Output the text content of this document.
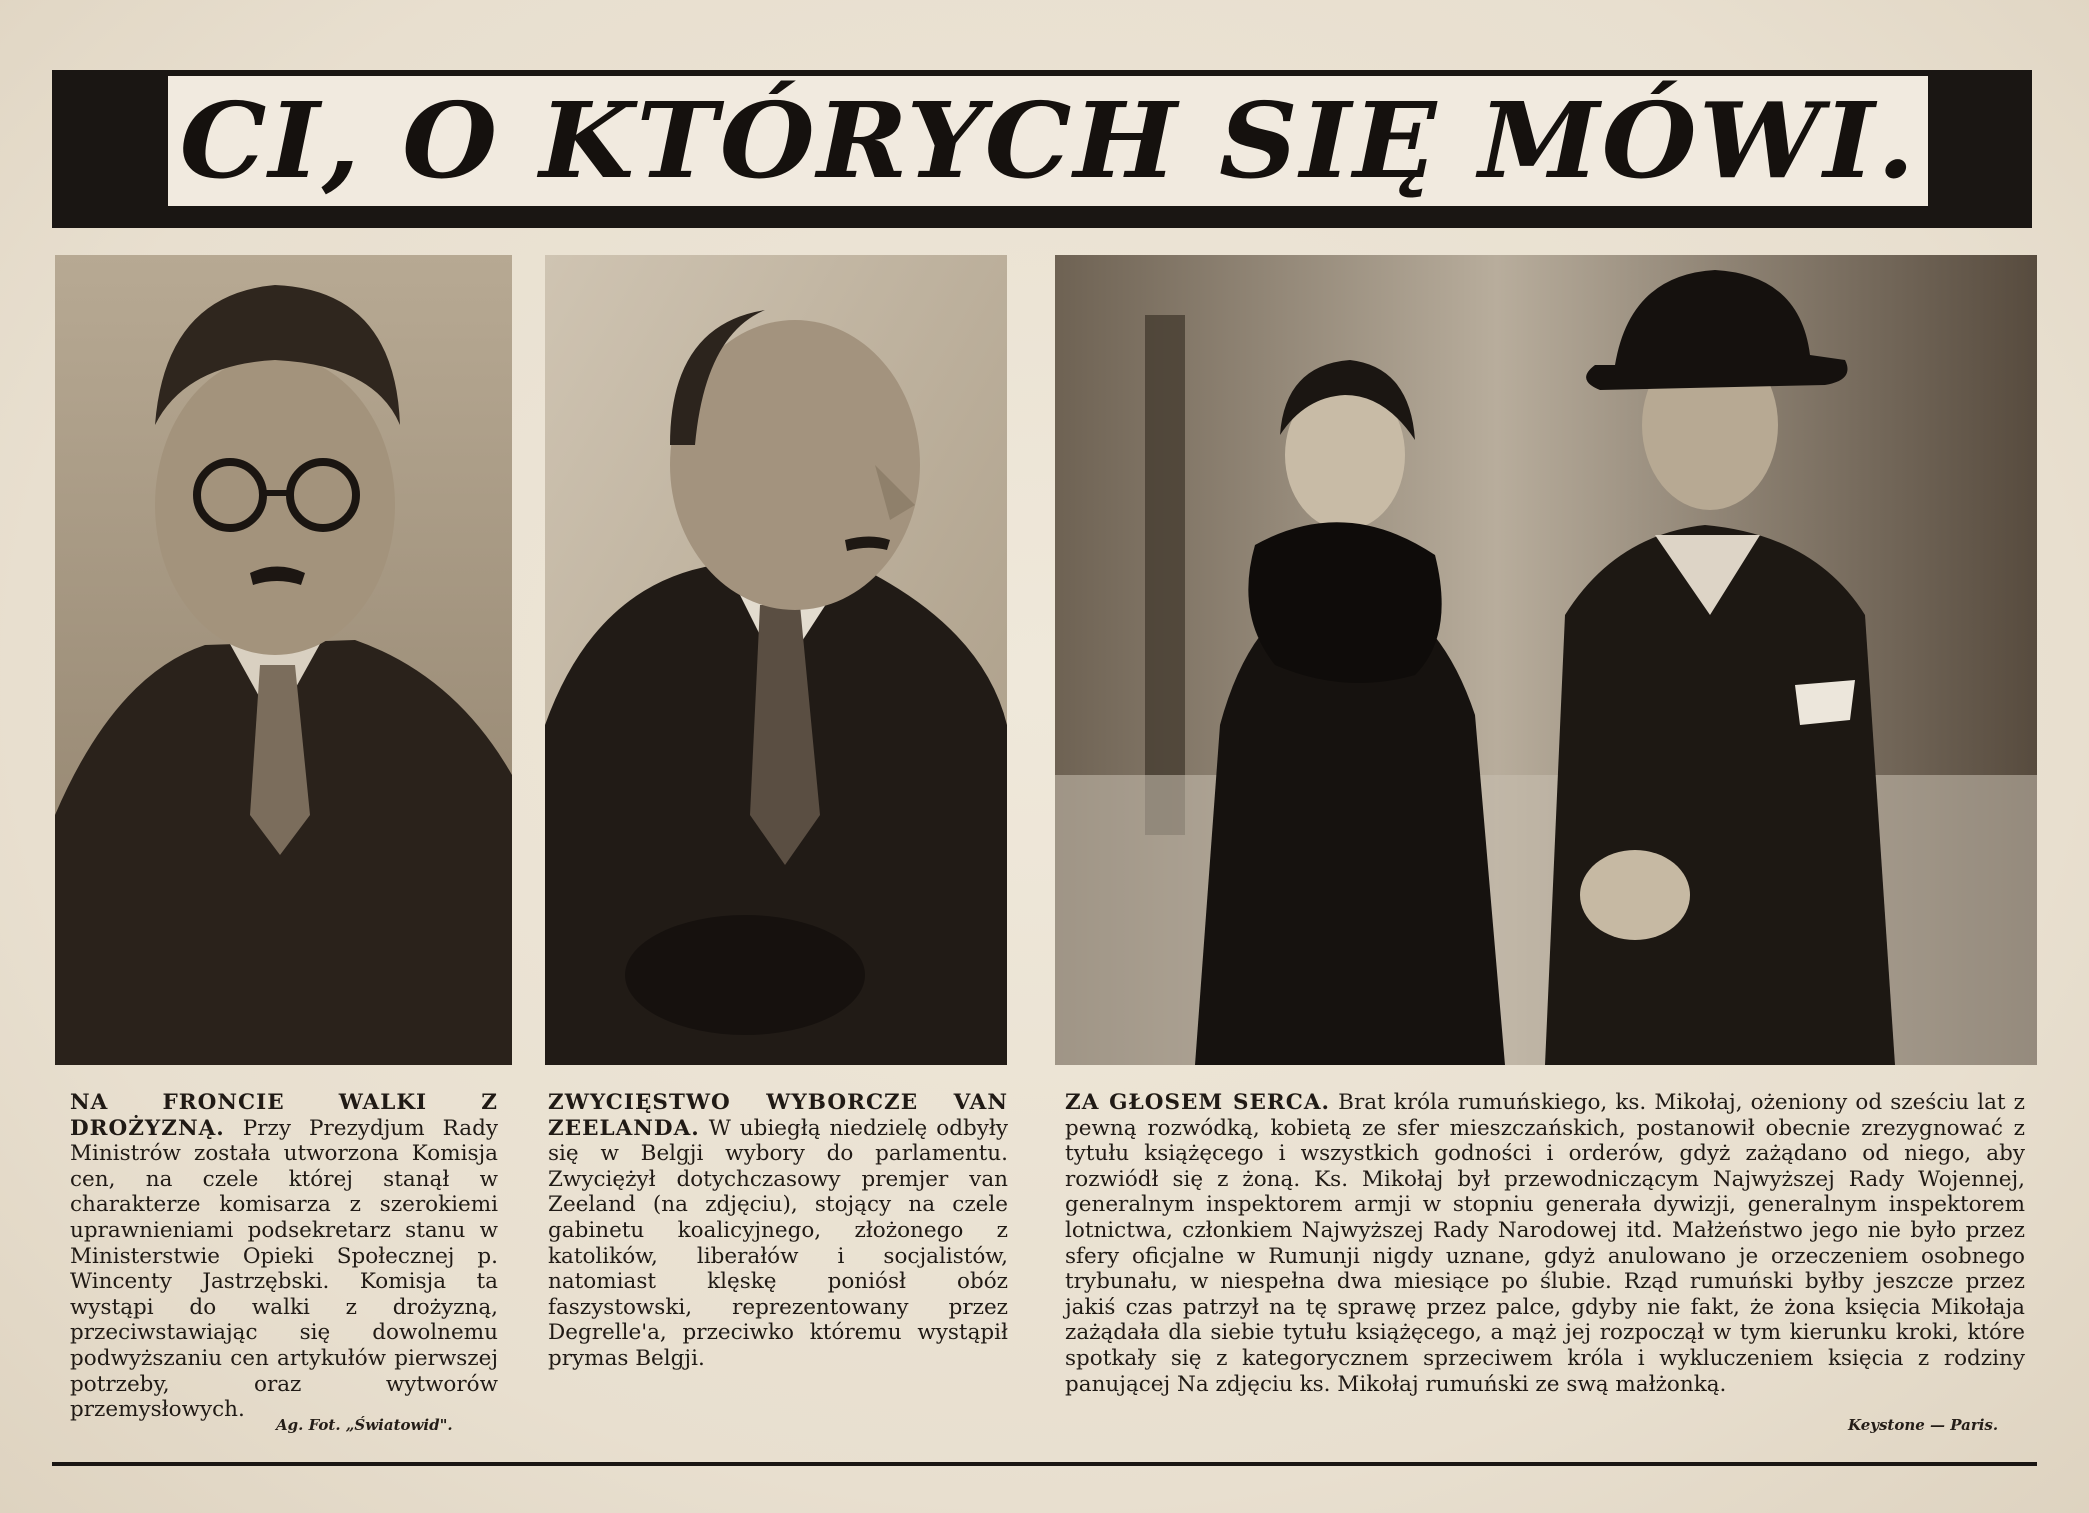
CI, O KTÓRYCH SIĘ MÓWI.
NA FRONCIE WALKI Z DROŻYZNĄ. Przy Prezydjum Rady Ministrów została utworzona Komisja cen, na czele której stanął w charakterze komisarza z szerokiemi uprawnieniami podsekretarz stanu w Ministerstwie Opieki Społecznej p. Wincenty Jastrzębski. Komisja ta wystąpi do walki z drożyzną, przeciwstawiając się dowolnemu podwyższaniu cen artykułów pierwszej potrzeby, oraz wytworów przemysłowych.
Ag. Fot. „Światowid".
ZWYCIĘSTWO WYBORCZE VAN ZEELANDA. W ubiegłą niedzielę odbyły się w Belgji wybory do parlamentu. Zwyciężył dotychczasowy premjer van Zeeland (na zdjęciu), stojący na czele gabinetu koalicyjnego, złożonego z katolików, liberałów i socjalistów, natomiast klęskę poniósł obóz faszystowski, reprezentowany przez Degrelle'a, przeciwko któremu wystąpił prymas Belgji.
ZA GŁOSEM SERCA. Brat króla rumuńskiego, ks. Mikołaj, ożeniony od sześciu lat z pewną rozwódką, kobietą ze sfer mieszczańskich, postanowił obecnie zrezygnować z tytułu książęcego i wszystkich godności i orderów, gdyż zażądano od niego, aby rozwiódł się z żoną. Ks. Mikołaj był przewodniczącym Najwyższej Rady Wojennej, generalnym inspektorem armji w stopniu generała dywizji, generalnym inspektorem lotnictwa, członkiem Najwyższej Rady Narodowej itd. Małżeństwo jego nie było przez sfery oficjalne w Rumunji nigdy uznane, gdyż anulowano je orzeczeniem osobnego trybunału, w niespełna dwa miesiące po ślubie. Rząd rumuński byłby jeszcze przez jakiś czas patrzył na tę sprawę przez palce, gdyby nie fakt, że żona księcia Mikołaja zażądała dla siebie tytułu książęcego, a mąż jej rozpoczął w tym kierunku kroki, które spotkały się z kategorycznem sprzeciwem króla i wykluczeniem księcia z rodziny panującej Na zdjęciu ks. Mikołaj rumuński ze swą małżonką.
Keystone — Paris.
